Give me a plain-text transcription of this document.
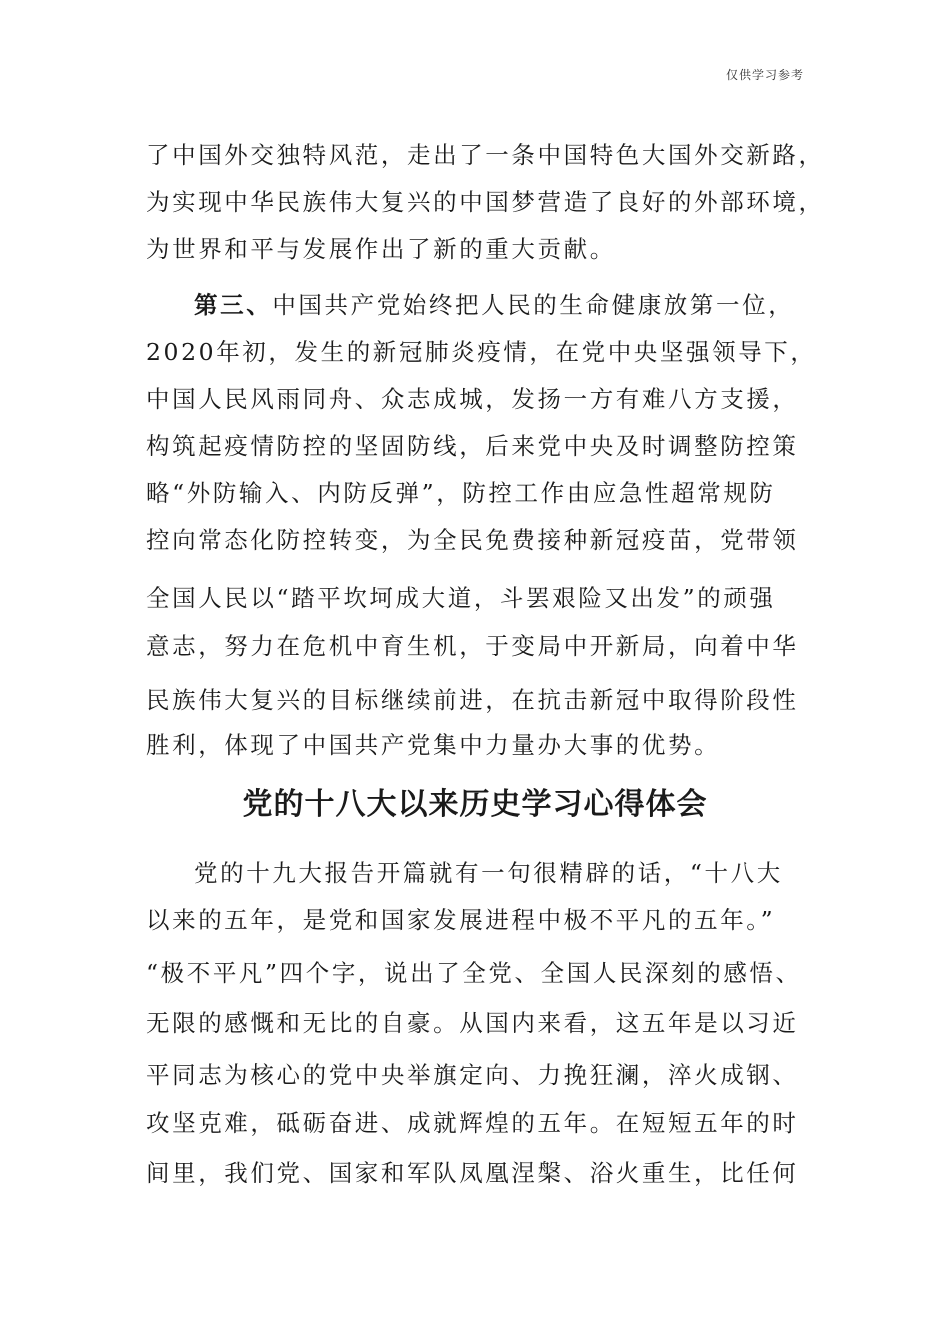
仅供学习参考
了中国外交独特风范，走出了一条中国特色大国外交新路，
为实现中华民族伟大复兴的中国梦营造了良好的外部环境，
为世界和平与发展作出了新的重大贡献。
第三、中国共产党始终把人民的生命健康放第一位，
2020年初，发生的新冠肺炎疫情，在党中央坚强领导下，
中国人民风雨同舟、众志成城，发扬一方有难八方支援，
构筑起疫情防控的坚固防线，后来党中央及时调整防控策
略“外防输入、内防反弹”，防控工作由应急性超常规防
控向常态化防控转变，为全民免费接种新冠疫苗，党带领
全国人民以“踏平坎坷成大道，斗罢艰险又出发”的顽强
意志，努力在危机中育生机，于变局中开新局，向着中华
民族伟大复兴的目标继续前进，在抗击新冠中取得阶段性
胜利，体现了中国共产党集中力量办大事的优势。
党的十八大以来历史学习心得体会
党的十九大报告开篇就有一句很精辟的话，“十八大
以来的五年，是党和国家发展进程中极不平凡的五年。”
“极不平凡”四个字，说出了全党、全国人民深刻的感悟、
无限的感慨和无比的自豪。从国内来看，这五年是以习近
平同志为核心的党中央举旗定向、力挽狂澜，淬火成钢、
攻坚克难，砥砺奋进、成就辉煌的五年。在短短五年的时
间里，我们党、国家和军队凤凰涅槃、浴火重生，比任何
